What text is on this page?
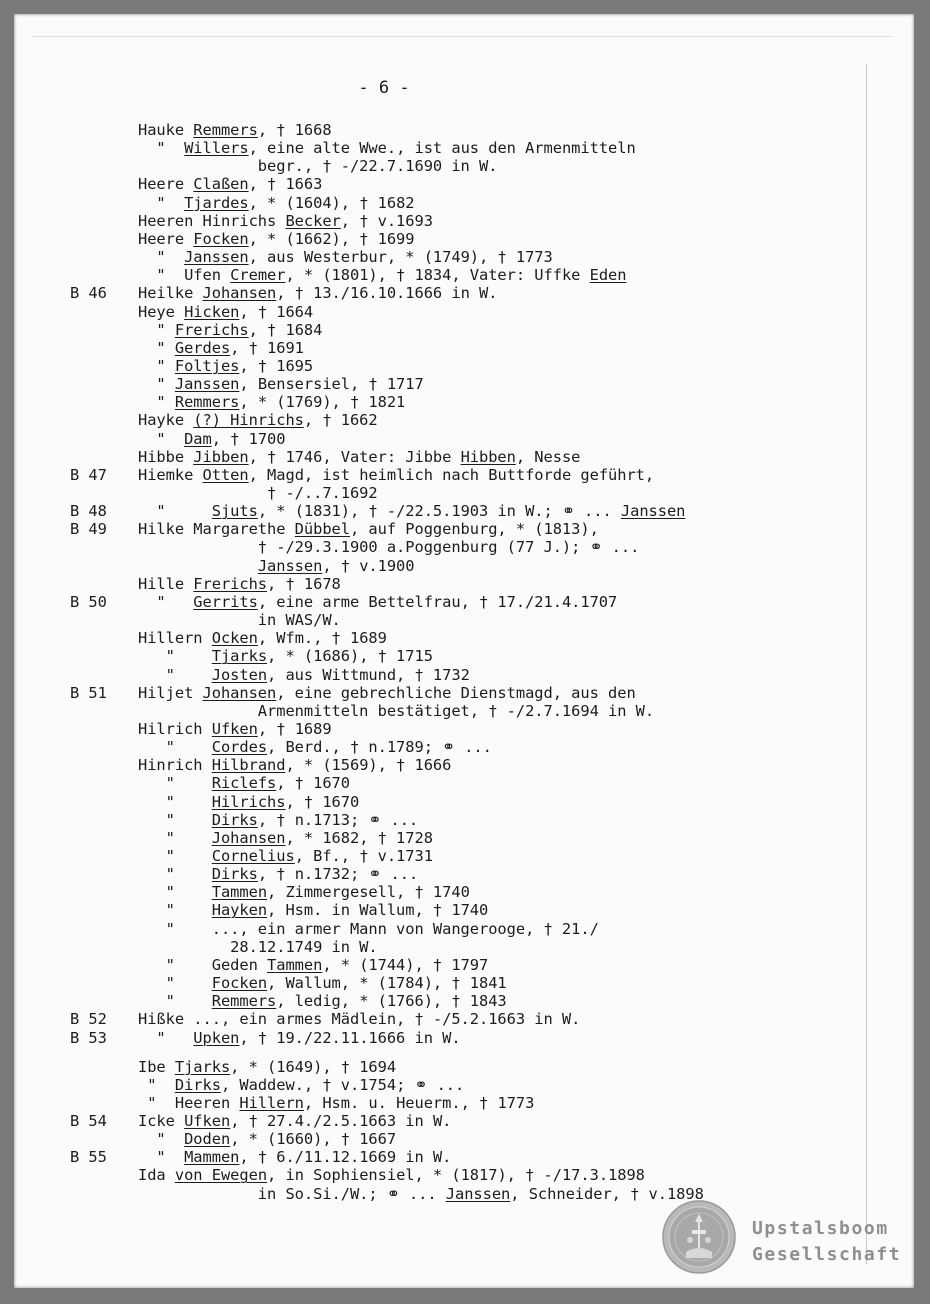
- 6 -
Hauke Remmers, † 1668
"  Willers, eine alte Wwe., ist aus den Armenmitteln
begr., † -/22.7.1690 in W.
Heere Claßen, † 1663
"  Tjardes, * (1604), † 1682
Heeren Hinrichs Becker, † v.1693
Heere Focken, * (1662), † 1699
"  Janssen, aus Westerbur, * (1749), † 1773
"  Ufen Cremer, * (1801), † 1834, Vater: Uffke Eden
B 46 Heilke Johansen, † 13./16.10.1666 in W.
Heye Hicken, † 1664
" Frerichs, † 1684
" Gerdes, † 1691
" Foltjes, † 1695
" Janssen, Bensersiel, † 1717
" Remmers, * (1769), † 1821
Hayke (?) Hinrichs, † 1662
"  Dam, † 1700
Hibbe Jibben, † 1746, Vater: Jibbe Hibben, Nesse
B 47 Hiemke Otten, Magd, ist heimlich nach Buttforde geführt,
† -/..7.1692
B 48 "     Sjuts, * (1831), † -/22.5.1903 in W.; ⚭ ... Janssen
B 49 Hilke Margarethe Dübbel, auf Poggenburg, * (1813),
† -/29.3.1900 a.Poggenburg (77 J.); ⚭ ...
Janssen, † v.1900
Hille Frerichs, † 1678
B 50 "   Gerrits, eine arme Bettelfrau, † 17./21.4.1707
in WAS/W.
Hillern Ocken, Wfm., † 1689
"    Tjarks, * (1686), † 1715
"    Josten, aus Wittmund, † 1732
B 51 Hiljet Johansen, eine gebrechliche Dienstmagd, aus den
Armenmitteln bestätiget, † -/2.7.1694 in W.
Hilrich Ufken, † 1689
"    Cordes, Berd., † n.1789; ⚭ ...
Hinrich Hilbrand, * (1569), † 1666
"    Riclefs, † 1670
"    Hilrichs, † 1670
"    Dirks, † n.1713; ⚭ ...
"    Johansen, * 1682, † 1728
"    Cornelius, Bf., † v.1731
"    Dirks, † n.1732; ⚭ ...
"    Tammen, Zimmergesell, † 1740
"    Hayken, Hsm. in Wallum, † 1740
"    ..., ein armer Mann von Wangerooge, † 21./
28.12.1749 in W.
"    Geden Tammen, * (1744), † 1797
"    Focken, Wallum, * (1784), † 1841
"    Remmers, ledig, * (1766), † 1843
B 52 Hißke ..., ein armes Mädlein, † -/5.2.1663 in W.
B 53 "   Upken, † 19./22.11.1666 in W.
Ibe Tjarks, * (1649), † 1694
"  Dirks, Waddew., † v.1754; ⚭ ...
"  Heeren Hillern, Hsm. u. Heuerm., † 1773
B 54 Icke Ufken, † 27.4./2.5.1663 in W.
"  Doden, * (1660), † 1667
B 55 "  Mammen, † 6./11.12.1669 in W.
Ida von Ewegen, in Sophiensiel, * (1817), † -/17.3.1898
in So.Si./W.; ⚭ ... Janssen, Schneider, † v.1898
Upstalsboom
Gesellschaft
